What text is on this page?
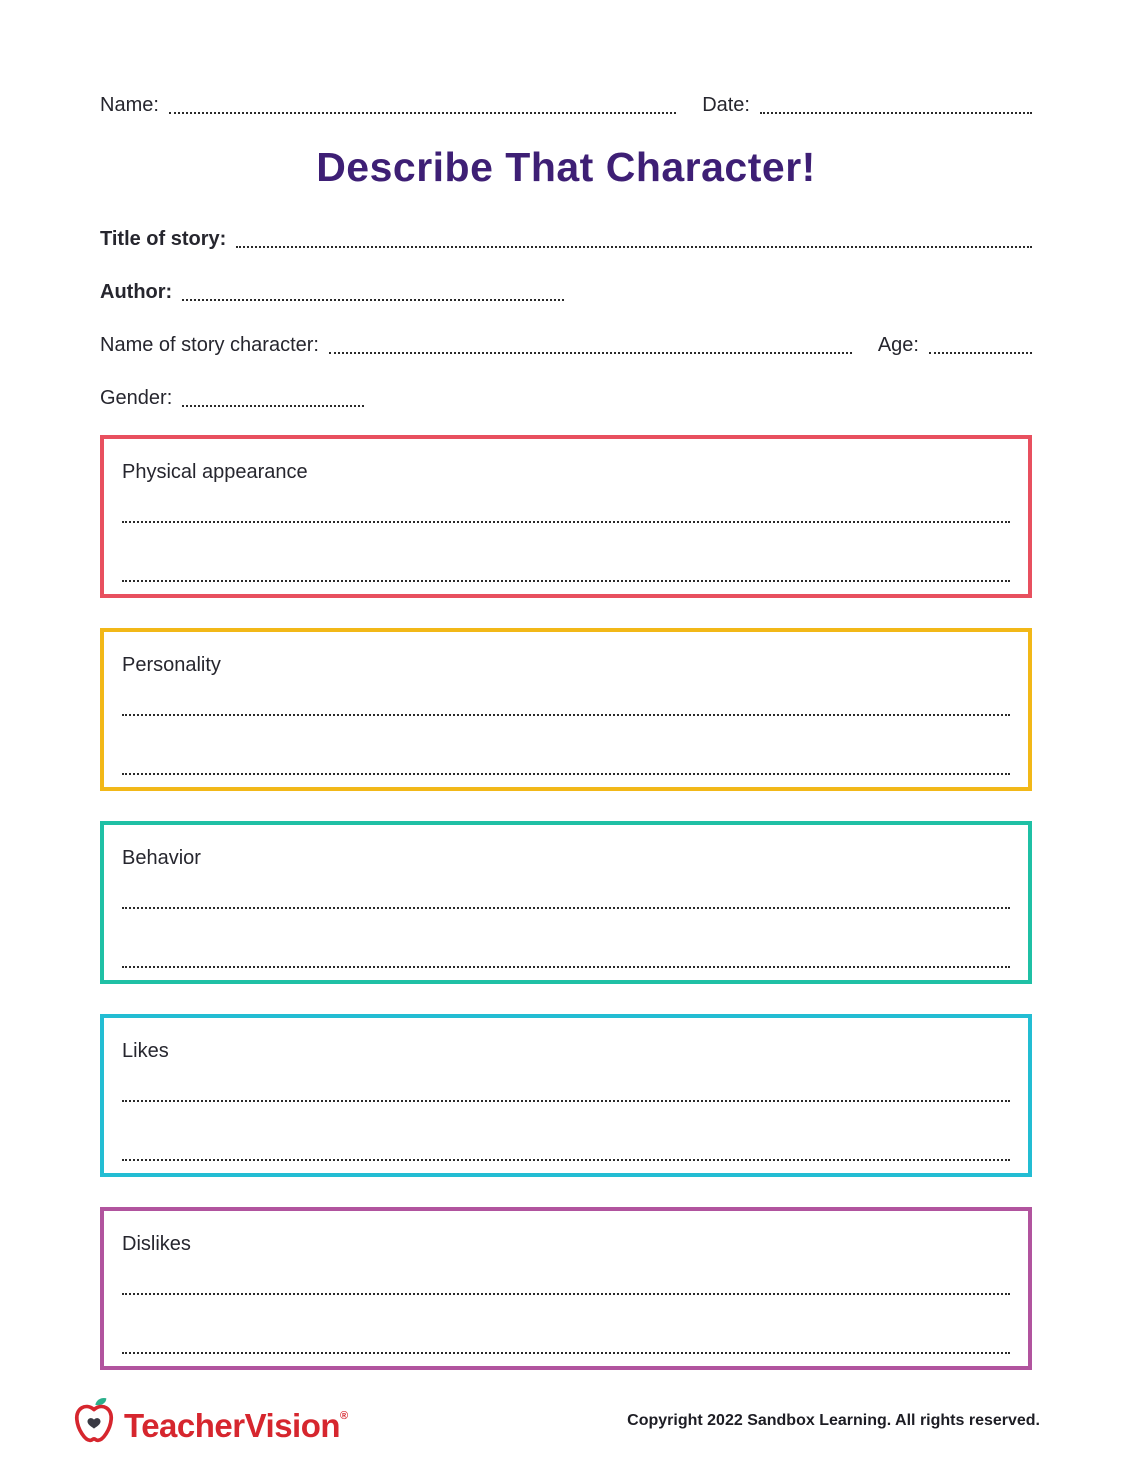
Name:	Date:
Describe That Character!
Title of story:
Author:
Name of story character:	Age:
Gender:
Physical appearance
Personality
Behavior
Likes
Dislikes
TeacherVision®	Copyright 2022 Sandbox Learning. All rights reserved.
